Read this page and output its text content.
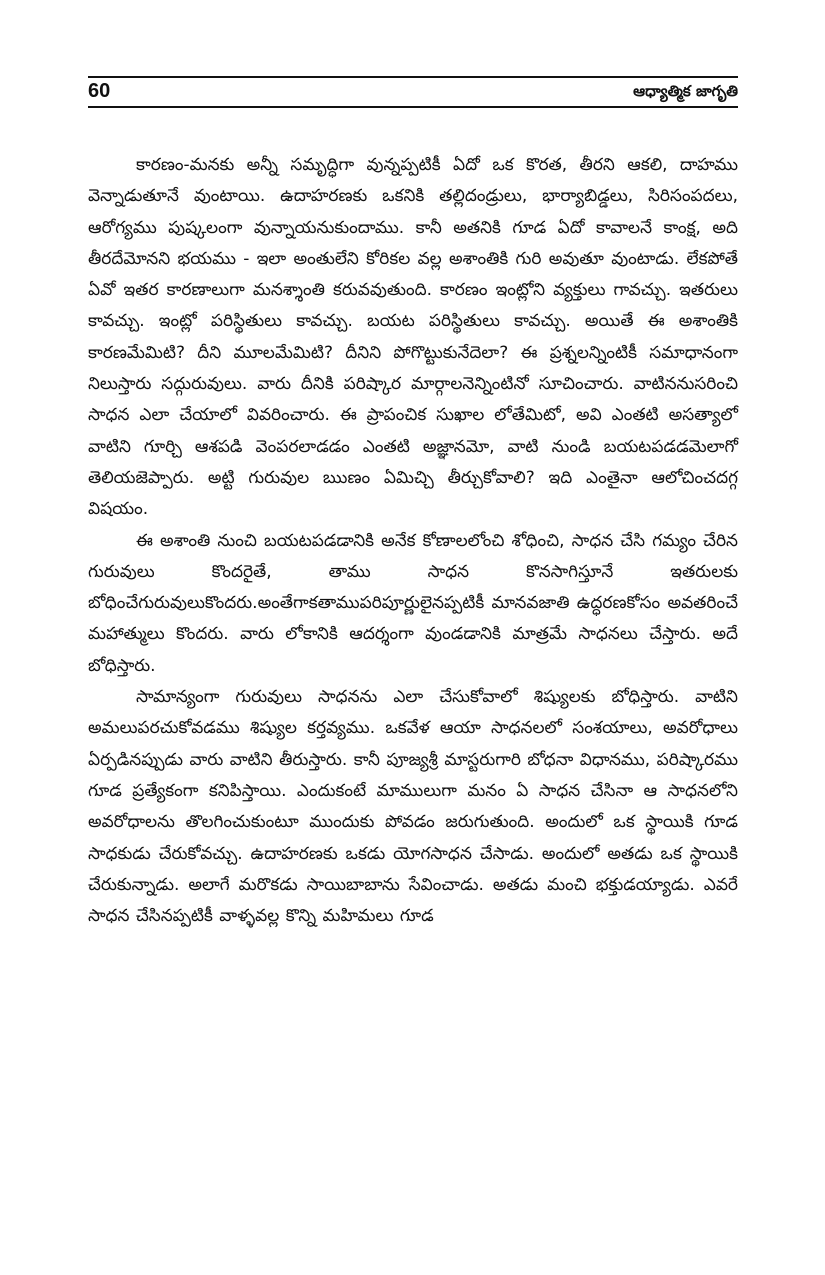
60	ఆధ్యాత్మిక జాగృతి

కారణం-మనకు అన్నీ సమృద్ధిగా వున్నప్పటికీ ఏదో ఒక కొరత, తీరని ఆకలి, దాహము వెన్నాడుతూనే వుంటాయి. ఉదాహరణకు ఒకనికి తల్లిదండ్రులు, భార్యాబిడ్డలు, సిరిసంపదలు, ఆరోగ్యము పుష్కలంగా వున్నాయనుకుందాము. కానీ అతనికి గూడ ఏదో కావాలనే కాంక్ష, అది తీరదేమోనని భయము - ఇలా అంతులేని కోరికల వల్ల అశాంతికి గురి అవుతూ వుంటాడు. లేకపోతే ఏవో ఇతర కారణాలుగా మనశ్శాంతి కరువవుతుంది. కారణం ఇంట్లోని వ్యక్తులు గావచ్చు. ఇతరులు కావచ్చు. ఇంట్లో పరిస్థితులు కావచ్చు. బయట పరిస్థితులు కావచ్చు. అయితే ఈ అశాంతికి కారణమేమిటి? దీని మూలమేమిటి? దీనిని పోగొట్టుకునేదెలా? ఈ ప్రశ్నలన్నింటికీ సమాధానంగా నిలుస్తారు సద్గురువులు. వారు దీనికి పరిష్కార మార్గాలనెన్నింటినో సూచించారు. వాటిననుసరించి సాధన ఎలా చేయాలో వివరించారు. ఈ ప్రాపంచిక సుఖాల లోతేమిటో, అవి ఎంతటి అసత్యాలో వాటిని గూర్చి ఆశపడి వెంపరలాడడం ఎంతటి అజ్ఞానమో, వాటి నుండి బయటపడడమెలాగో తెలియజెప్పారు. అట్టి గురువుల ఋణం ఏమిచ్చి తీర్చుకోవాలి? ఇది ఎంతైనా ఆలోచించదగ్గ విషయం.

ఈ అశాంతి నుంచి బయటపడడానికి అనేక కోణాలలోంచి శోధించి, సాధన చేసి గమ్యం చేరిన గురువులు కొందరైతే, తాము సాధన కొనసాగిస్తూనే ఇతరులకు బోధించేగురువులుకొందరు.అంతేగాకతాముపరిపూర్ణులైనప్పటికీ మానవజాతి ఉద్ధరణకోసం అవతరించే మహాత్ములు కొందరు. వారు లోకానికి ఆదర్శంగా వుండడానికి మాత్రమే సాధనలు చేస్తారు. అదే బోధిస్తారు.

సామాన్యంగా గురువులు సాధనను ఎలా చేసుకోవాలో శిష్యులకు బోధిస్తారు. వాటిని అమలుపరచుకోవడము శిష్యుల కర్తవ్యము. ఒకవేళ ఆయా సాధనలలో సంశయాలు, అవరోధాలు ఏర్పడినప్పుడు వారు వాటిని తీరుస్తారు. కానీ పూజ్యశ్రీ మాస్టరుగారి బోధనా విధానము, పరిష్కారము గూడ ప్రత్యేకంగా కనిపిస్తాయి. ఎందుకంటే మాములుగా మనం ఏ సాధన చేసినా ఆ సాధనలోని అవరోధాలను తొలగించుకుంటూ ముందుకు పోవడం జరుగుతుంది. అందులో ఒక స్థాయికి గూడ సాధకుడు చేరుకోవచ్చు. ఉదాహరణకు ఒకడు యోగసాధన చేసాడు. అందులో అతడు ఒక స్థాయికి చేరుకున్నాడు. అలాగే మరొకడు సాయిబాబాను సేవించాడు. అతడు మంచి భక్తుడయ్యాడు. ఎవరే సాధన చేసినప్పటికీ వాళ్ళవల్ల కొన్ని మహిమలు గూడ
